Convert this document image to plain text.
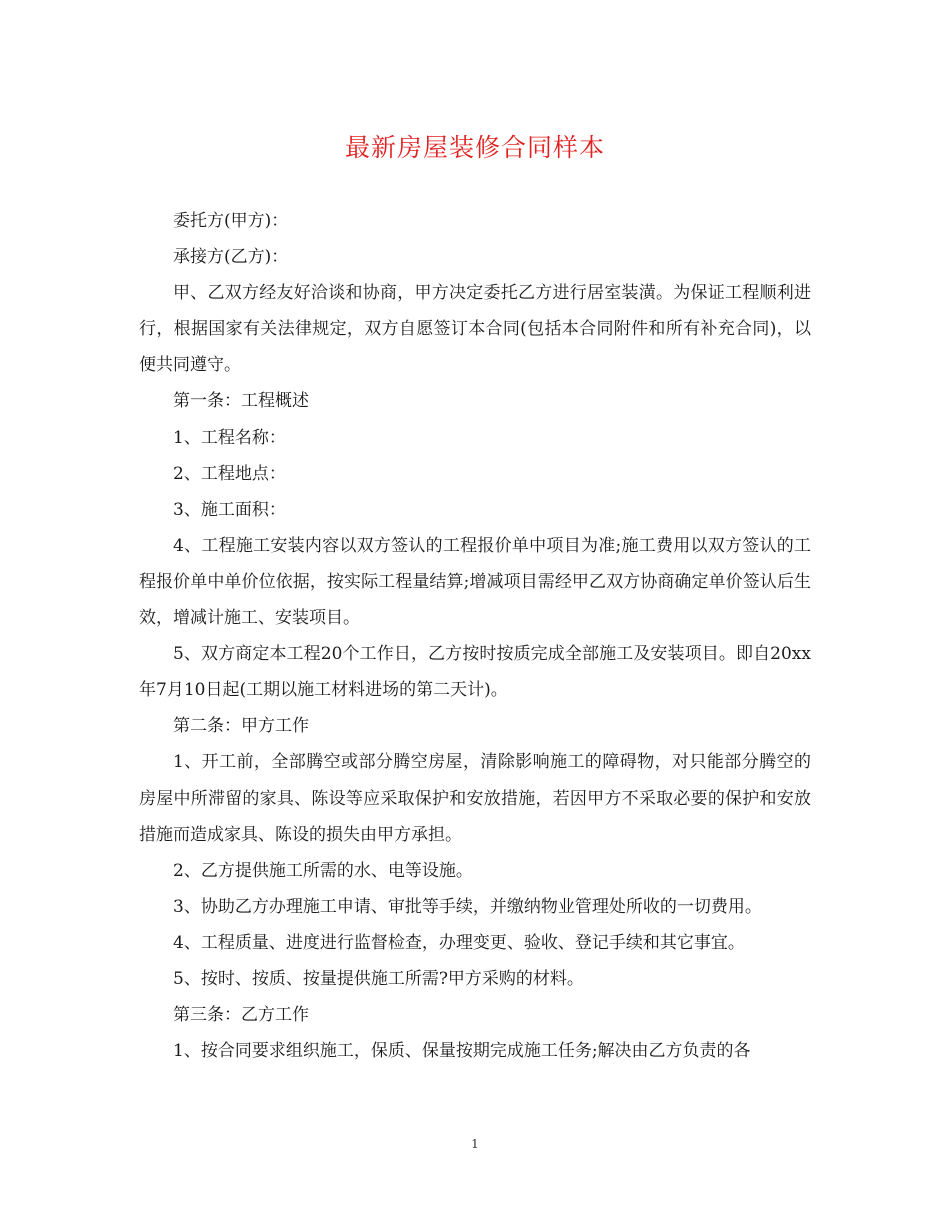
最新房屋装修合同样本

委托方(甲方)：

承接方(乙方)：

甲、乙双方经友好洽谈和协商，甲方决定委托乙方进行居室装潢。为保证工程顺利进行，根据国家有关法律规定，双方自愿签订本合同(包括本合同附件和所有补充合同)，以便共同遵守。

第一条：工程概述

1、工程名称：

2、工程地点：

3、施工面积：

4、工程施工安装内容以双方签认的工程报价单中项目为准;施工费用以双方签认的工程报价单中单价位依据，按实际工程量结算;增减项目需经甲乙双方协商确定单价签认后生效，增减计施工、安装项目。

5、双方商定本工程20个工作日，乙方按时按质完成全部施工及安装项目。即自20xx年7月10日起(工期以施工材料进场的第二天计)。

第二条：甲方工作

1、开工前，全部腾空或部分腾空房屋，清除影响施工的障碍物，对只能部分腾空的房屋中所滞留的家具、陈设等应采取保护和安放措施，若因甲方不采取必要的保护和安放措施而造成家具、陈设的损失由甲方承担。

2、乙方提供施工所需的水、电等设施。

3、协助乙方办理施工申请、审批等手续，并缴纳物业管理处所收的一切费用。

4、工程质量、进度进行监督检查，办理变更、验收、登记手续和其它事宜。

5、按时、按质、按量提供施工所需?甲方采购的材料。

第三条：乙方工作

1、按合同要求组织施工，保质、保量按期完成施工任务;解决由乙方负责的各

1
